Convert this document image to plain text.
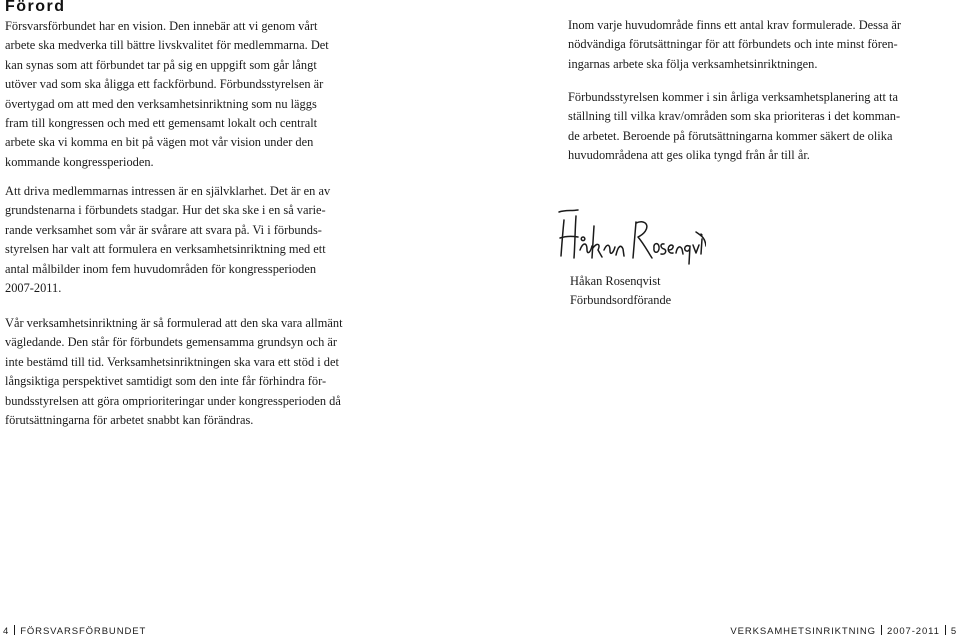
Förord
Försvarsförbundet har en vision. Den innebär att vi genom vårt
arbete ska medverka till bättre livskvalitet för medlemmarna. Det
kan synas som att förbundet tar på sig en uppgift som går långt
utöver vad som ska åligga ett fackförbund. Förbundsstyrelsen är
övertygad om att med den verksamhetsinriktning som nu läggs
fram till kongressen och med ett gemensamt lokalt och centralt
arbete ska vi komma en bit på vägen mot vår vision under den
kommande kongressperioden.
Att driva medlemmarnas intressen är en självklarhet. Det är en av
grundstenarna i förbundets stadgar. Hur det ska ske i en så varie-
rande verksamhet som vår är svårare att svara på. Vi i förbunds-
styrelsen har valt att formulera en verksamhetsinriktning med ett
antal målbilder inom fem huvudområden för kongressperioden
2007-2011.
Vår verksamhetsinriktning är så formulerad att den ska vara allmänt
vägledande. Den står för förbundets gemensamma grundsyn och är
inte bestämd till tid. Verksamhetsinriktningen ska vara ett stöd i det
långsiktiga perspektivet samtidigt som den inte får förhindra för-
bundsstyrelsen att göra omprioriteringar under kongressperioden då
förutsättningarna för arbetet snabbt kan förändras.
Inom varje huvudområde finns ett antal krav formulerade. Dessa är
nödvändiga förutsättningar för att förbundets och inte minst fören-
ingarnas arbete ska följa verksamhetsinriktningen.
Förbundsstyrelsen kommer i sin årliga verksamhetsplanering att ta
ställning till vilka krav/områden som ska prioriteras i det komman-
de arbetet. Beroende på förutsättningarna kommer säkert de olika
huvudområdena att ges olika tyngd från år till år.
Håkan Rosenqvist
Förbundsordförande
4 FÖRSVARSFÖRBUNDET	VERKSAMHETSINRIKTNING 2007-2011 5
